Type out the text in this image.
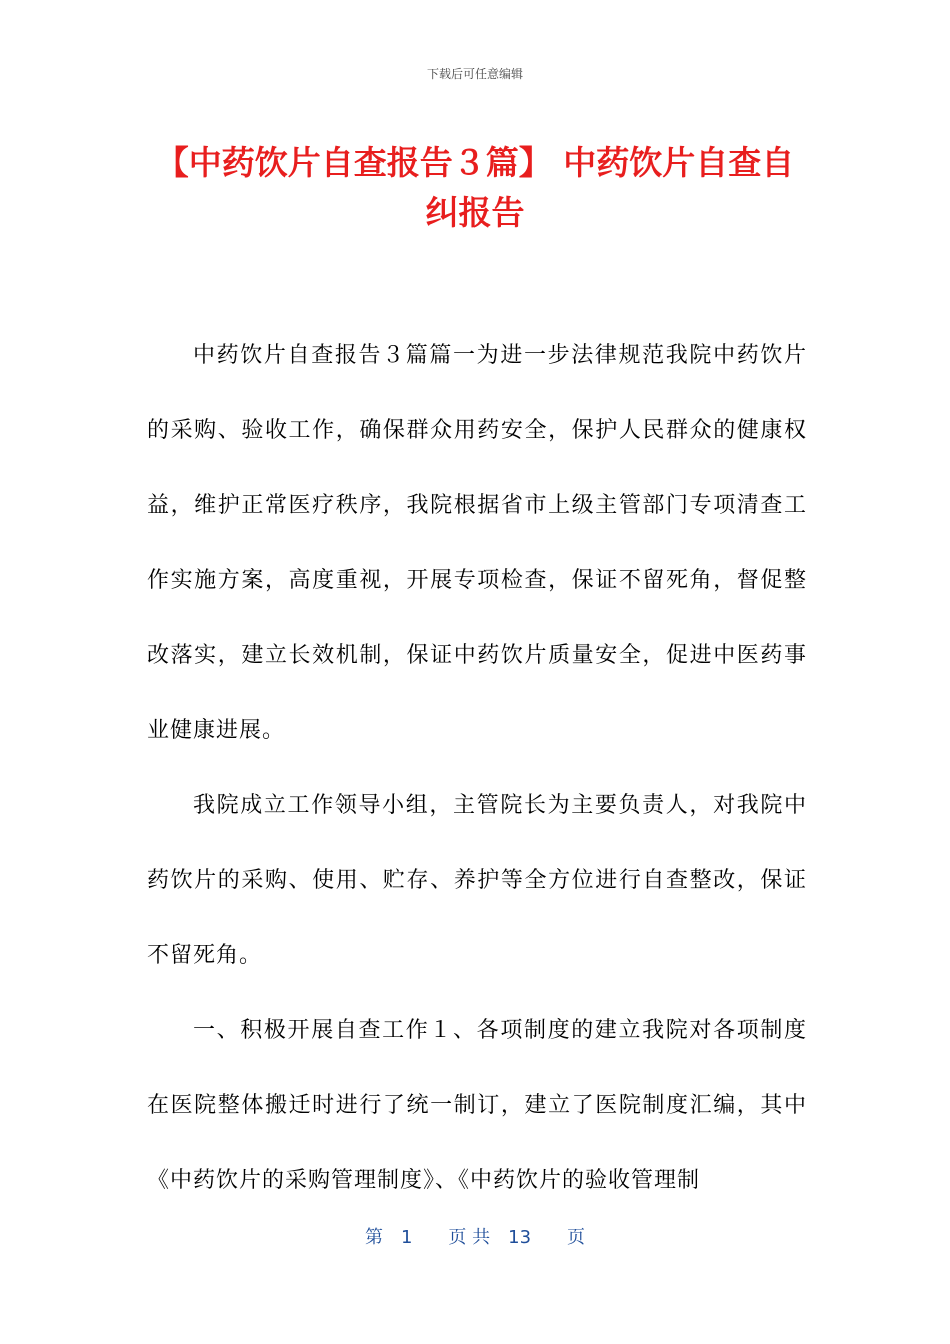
下载后可任意编辑
【中药饮片自查报告３篇】 中药饮片自查自纠报告

中药饮片自查报告３篇篇一为进一步法律规范我院中药饮片的采购、验收工作，确保群众用药安全，保护人民群众的健康权益，维护正常医疗秩序，我院根据省市上级主管部门专项清查工作实施方案，高度重视，开展专项检查，保证不留死角，督促整改落实，建立长效机制，保证中药饮片质量安全，促进中医药事业健康进展。

我院成立工作领导小组，主管院长为主要负责人，对我院中药饮片的采购、使用、贮存、养护等全方位进行自查整改，保证不留死角。

一、积极开展自查工作１、各项制度的建立我院对各项制度在医院整体搬迁时进行了统一制订，建立了医院制度汇编，其中《中药饮片的采购管理制度》、《中药饮片的验收管理制

第　1　　页 共　13　　页
